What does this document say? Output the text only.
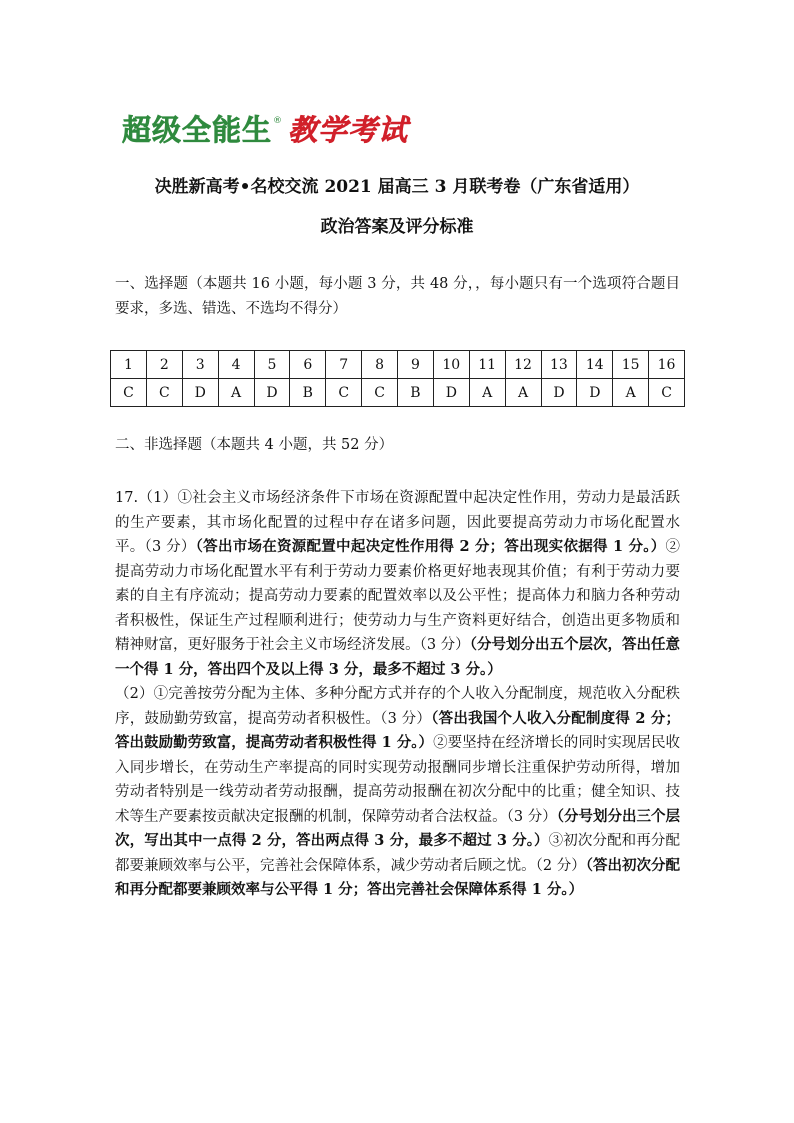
超级全能生 ® 教学考试
决胜新高考•名校交流 2021 届高三 3 月联考卷（广东省适用）
政治答案及评分标准
一、选择题（本题共 16 小题，每小题 3 分，共 48 分，，每小题只有一个选项符合题目要求，多选、错选、不选均不得分）
1	2	3	4	5	6	7	8	9	10	11	12	13	14	15	16
C	C	D	A	D	B	C	C	B	D	A	A	D	D	A	C
二、非选择题（本题共 4 小题，共 52 分）

17.（1）①社会主义市场经济条件下市场在资源配置中起决定性作用，劳动力是最活跃的生产要素，其市场化配置的过程中存在诸多问题，因此要提高劳动力市场化配置水平。（3 分）（答出市场在资源配置中起决定性作用得 2 分；答出现实依据得 1 分。）②提高劳动力市场化配置水平有利于劳动力要素价格更好地表现其价值；有利于劳动力要素的自主有序流动；提高劳动力要素的配置效率以及公平性；提高体力和脑力各种劳动者积极性，保证生产过程顺利进行；使劳动力与生产资料更好结合，创造出更多物质和精神财富，更好服务于社会主义市场经济发展。（3 分）（分号划分出五个层次，答出任意一个得 1 分，答出四个及以上得 3 分，最多不超过 3 分。）

（2）①完善按劳分配为主体、多种分配方式并存的个人收入分配制度，规范收入分配秩序，鼓励勤劳致富，提高劳动者积极性。（3 分）（答出我国个人收入分配制度得 2 分；答出鼓励勤劳致富，提高劳动者积极性得 1 分。）②要坚持在经济增长的同时实现居民收入同步增长，在劳动生产率提高的同时实现劳动报酬同步增长注重保护劳动所得，增加劳动者特别是一线劳动者劳动报酬，提高劳动报酬在初次分配中的比重；健全知识、技术等生产要素按贡献决定报酬的机制，保障劳动者合法权益。（3 分）（分号划分出三个层次，写出其中一点得 2 分，答出两点得 3 分，最多不超过 3 分。）③初次分配和再分配都要兼顾效率与公平，完善社会保障体系，减少劳动者后顾之忧。（2 分）（答出初次分配和再分配都要兼顾效率与公平得 1 分；答出完善社会保障体系得 1 分。）
